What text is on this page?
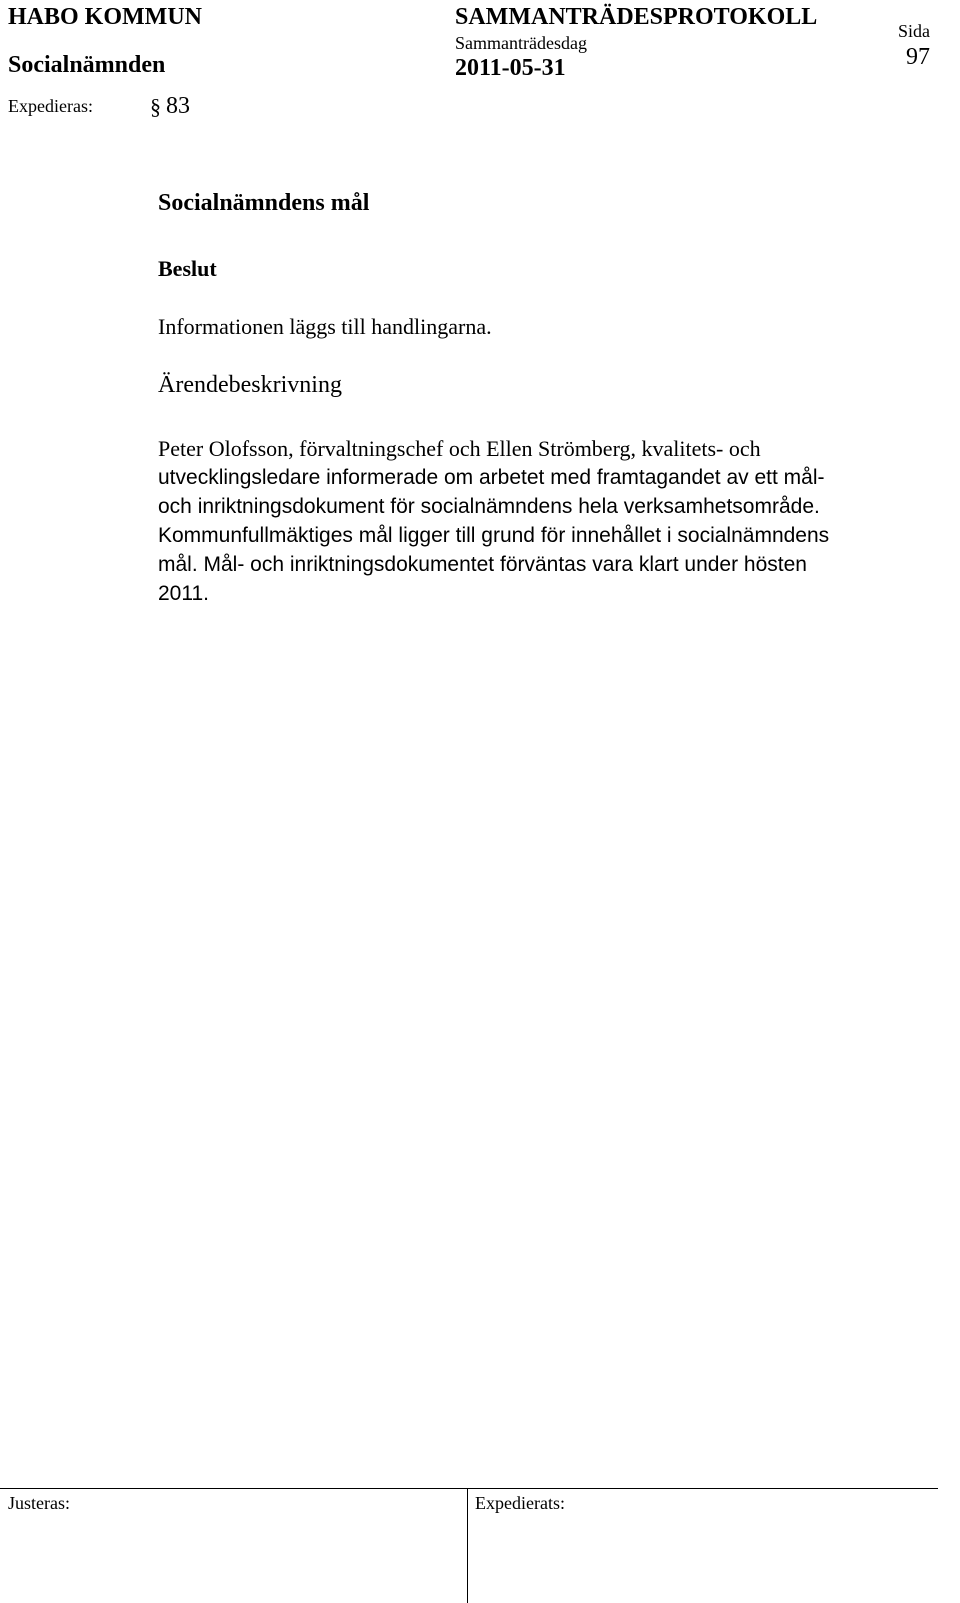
HABO KOMMUN
Socialnämnden
Expedieras:	§ 83
SAMMANTRÄDESPROTOKOLL
Sammanträdesdag
2011-05-31
Sida
97
Socialnämndens mål
Beslut
Informationen läggs till handlingarna.
Ärendebeskrivning
Peter Olofsson, förvaltningschef och Ellen Strömberg, kvalitets- och
utvecklingsledare informerade om arbetet med framtagandet av ett mål-
och inriktningsdokument för socialnämndens hela verksamhetsområde.
Kommunfullmäktiges mål ligger till grund för innehållet i socialnämndens
mål. Mål- och inriktningsdokumentet förväntas vara klart under hösten
2011.
Justeras:	Expedierats:
